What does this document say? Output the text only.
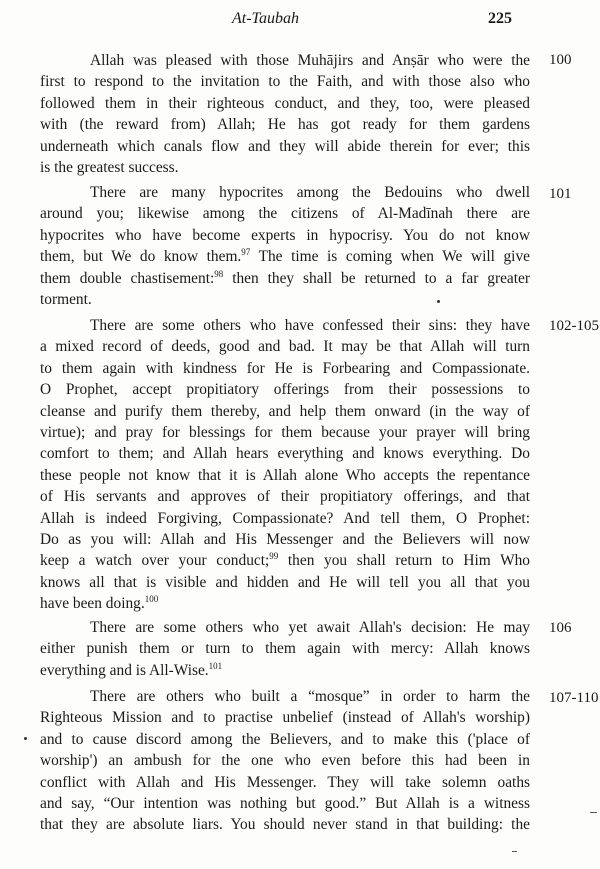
At-Taubah	225
100
Allah was pleased with those Muhājirs and Anṣār who were the
first to respond to the invitation to the Faith, and with those also who
followed them in their righteous conduct, and they, too, were pleased
with (the reward from) Allah; He has got ready for them gardens
underneath which canals flow and they will abide therein for ever; this
is the greatest success.
101
There are many hypocrites among the Bedouins who dwell
around you; likewise among the citizens of Al-Madīnah there are
hypocrites who have become experts in hypocrisy. You do not know
them, but We do know them.$^{97}$ The time is coming when We will give
them double chastisement:$^{98}$ then they shall be returned to a far greater
torment.
102-105
There are some others who have confessed their sins: they have
a mixed record of deeds, good and bad. It may be that Allah will turn
to them again with kindness for He is Forbearing and Compassionate.
O Prophet, accept propitiatory offerings from their possessions to
cleanse and purify them thereby, and help them onward (in the way of
virtue); and pray for blessings for them because your prayer will bring
comfort to them; and Allah hears everything and knows everything. Do
these people not know that it is Allah alone Who accepts the repentance
of His servants and approves of their propitiatory offerings, and that
Allah is indeed Forgiving, Compassionate? And tell them, O Prophet:
Do as you will: Allah and His Messenger and the Believers will now
keep a watch over your conduct;$^{99}$ then you shall return to Him Who
knows all that is visible and hidden and He will tell you all that you
have been doing.$^{100}$
106
There are some others who yet await Allah's decision: He may
either punish them or turn to them again with mercy: Allah knows
everything and is All-Wise.$^{101}$
107-110
There are others who built a “mosque” in order to harm the
Righteous Mission and to practise unbelief (instead of Allah's worship)
and to cause discord among the Believers, and to make this ('place of
worship') an ambush for the one who even before this had been in
conflict with Allah and His Messenger. They will take solemn oaths
and say, “Our intention was nothing but good.” But Allah is a witness
that they are absolute liars. You should never stand in that building: the
